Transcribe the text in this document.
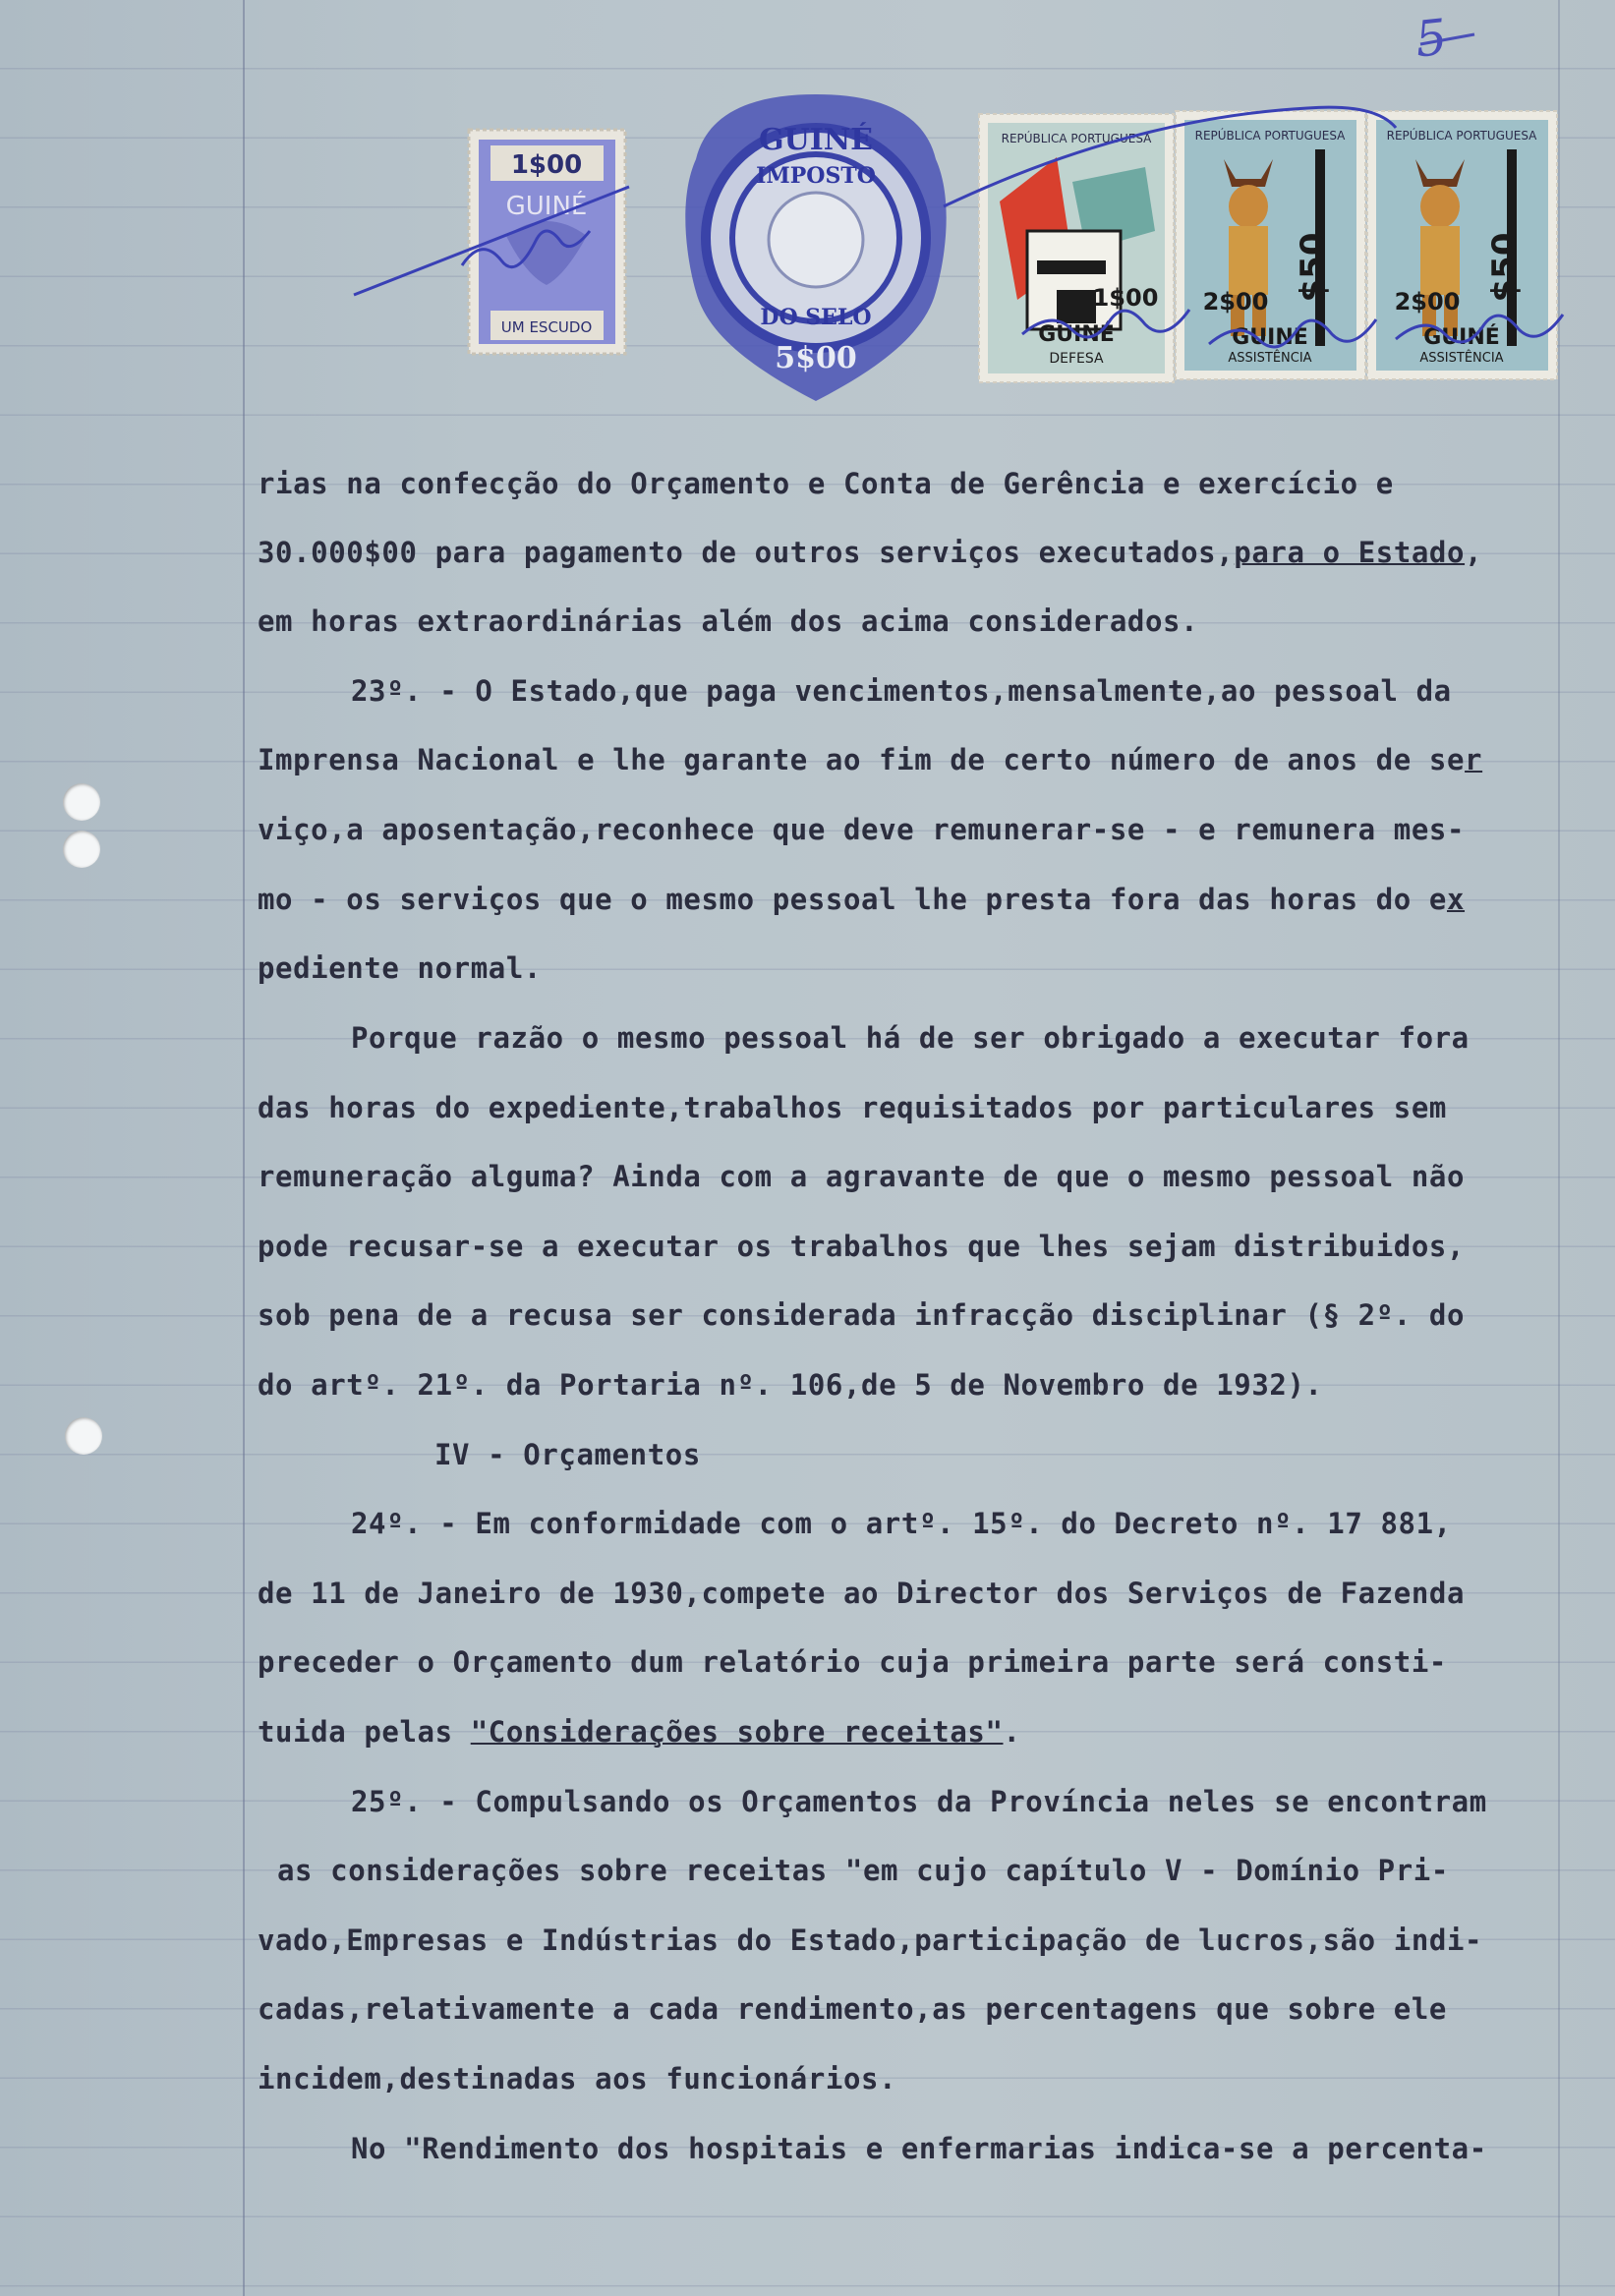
5
1$00
GUINÉ
UM ESCUDO
GUINÉ
IMPOSTO
DO SELO
5$00
REPÚBLICA PORTUGUESA
1$00
GUINÉ
DEFESA
REPÚBLICA PORTUGUESA
$50
2$00
GUINÉ
ASSISTÊNCIA
REPÚBLICA PORTUGUESA
$50
2$00
GUINÉ
ASSISTÊNCIA
rias na confecção do Orçamento e Conta de Gerência e exercício e
30.000$00 para pagamento de outros serviços executados,para o Estado,
em horas extraordinárias além dos acima considerados.
23º. - O Estado,que paga vencimentos,mensalmente,ao pessoal da
Imprensa Nacional e lhe garante ao fim de certo número de anos de ser
viço,a aposentação,reconhece que deve remunerar-se - e remunera mes-
mo - os serviços que o mesmo pessoal lhe presta fora das horas do ex
pediente normal.
Porque razão o mesmo pessoal há de ser obrigado a executar fora
das horas do expediente,trabalhos requisitados por particulares sem
remuneração alguma? Ainda com a agravante de que o mesmo pessoal não
pode recusar-se a executar os trabalhos que lhes sejam distribuidos,
sob pena de a recusa ser considerada infracção disciplinar (§ 2º. do
do artº. 21º. da Portaria nº. 106,de 5 de Novembro de 1932).
IV - Orçamentos
24º. - Em conformidade com o artº. 15º. do Decreto nº. 17 881,
de 11 de Janeiro de 1930,compete ao Director dos Serviços de Fazenda
preceder o Orçamento dum relatório cuja primeira parte será consti-
tuida pelas "Considerações sobre receitas".
25º. - Compulsando os Orçamentos da Província neles se encontram
as considerações sobre receitas "em cujo capítulo V - Domínio Pri-
vado,Empresas e Indústrias do Estado,participação de lucros,são indi-
cadas,relativamente a cada rendimento,as percentagens que sobre ele
incidem,destinadas aos funcionários.
No "Rendimento dos hospitais e enfermarias indica-se a percenta-
